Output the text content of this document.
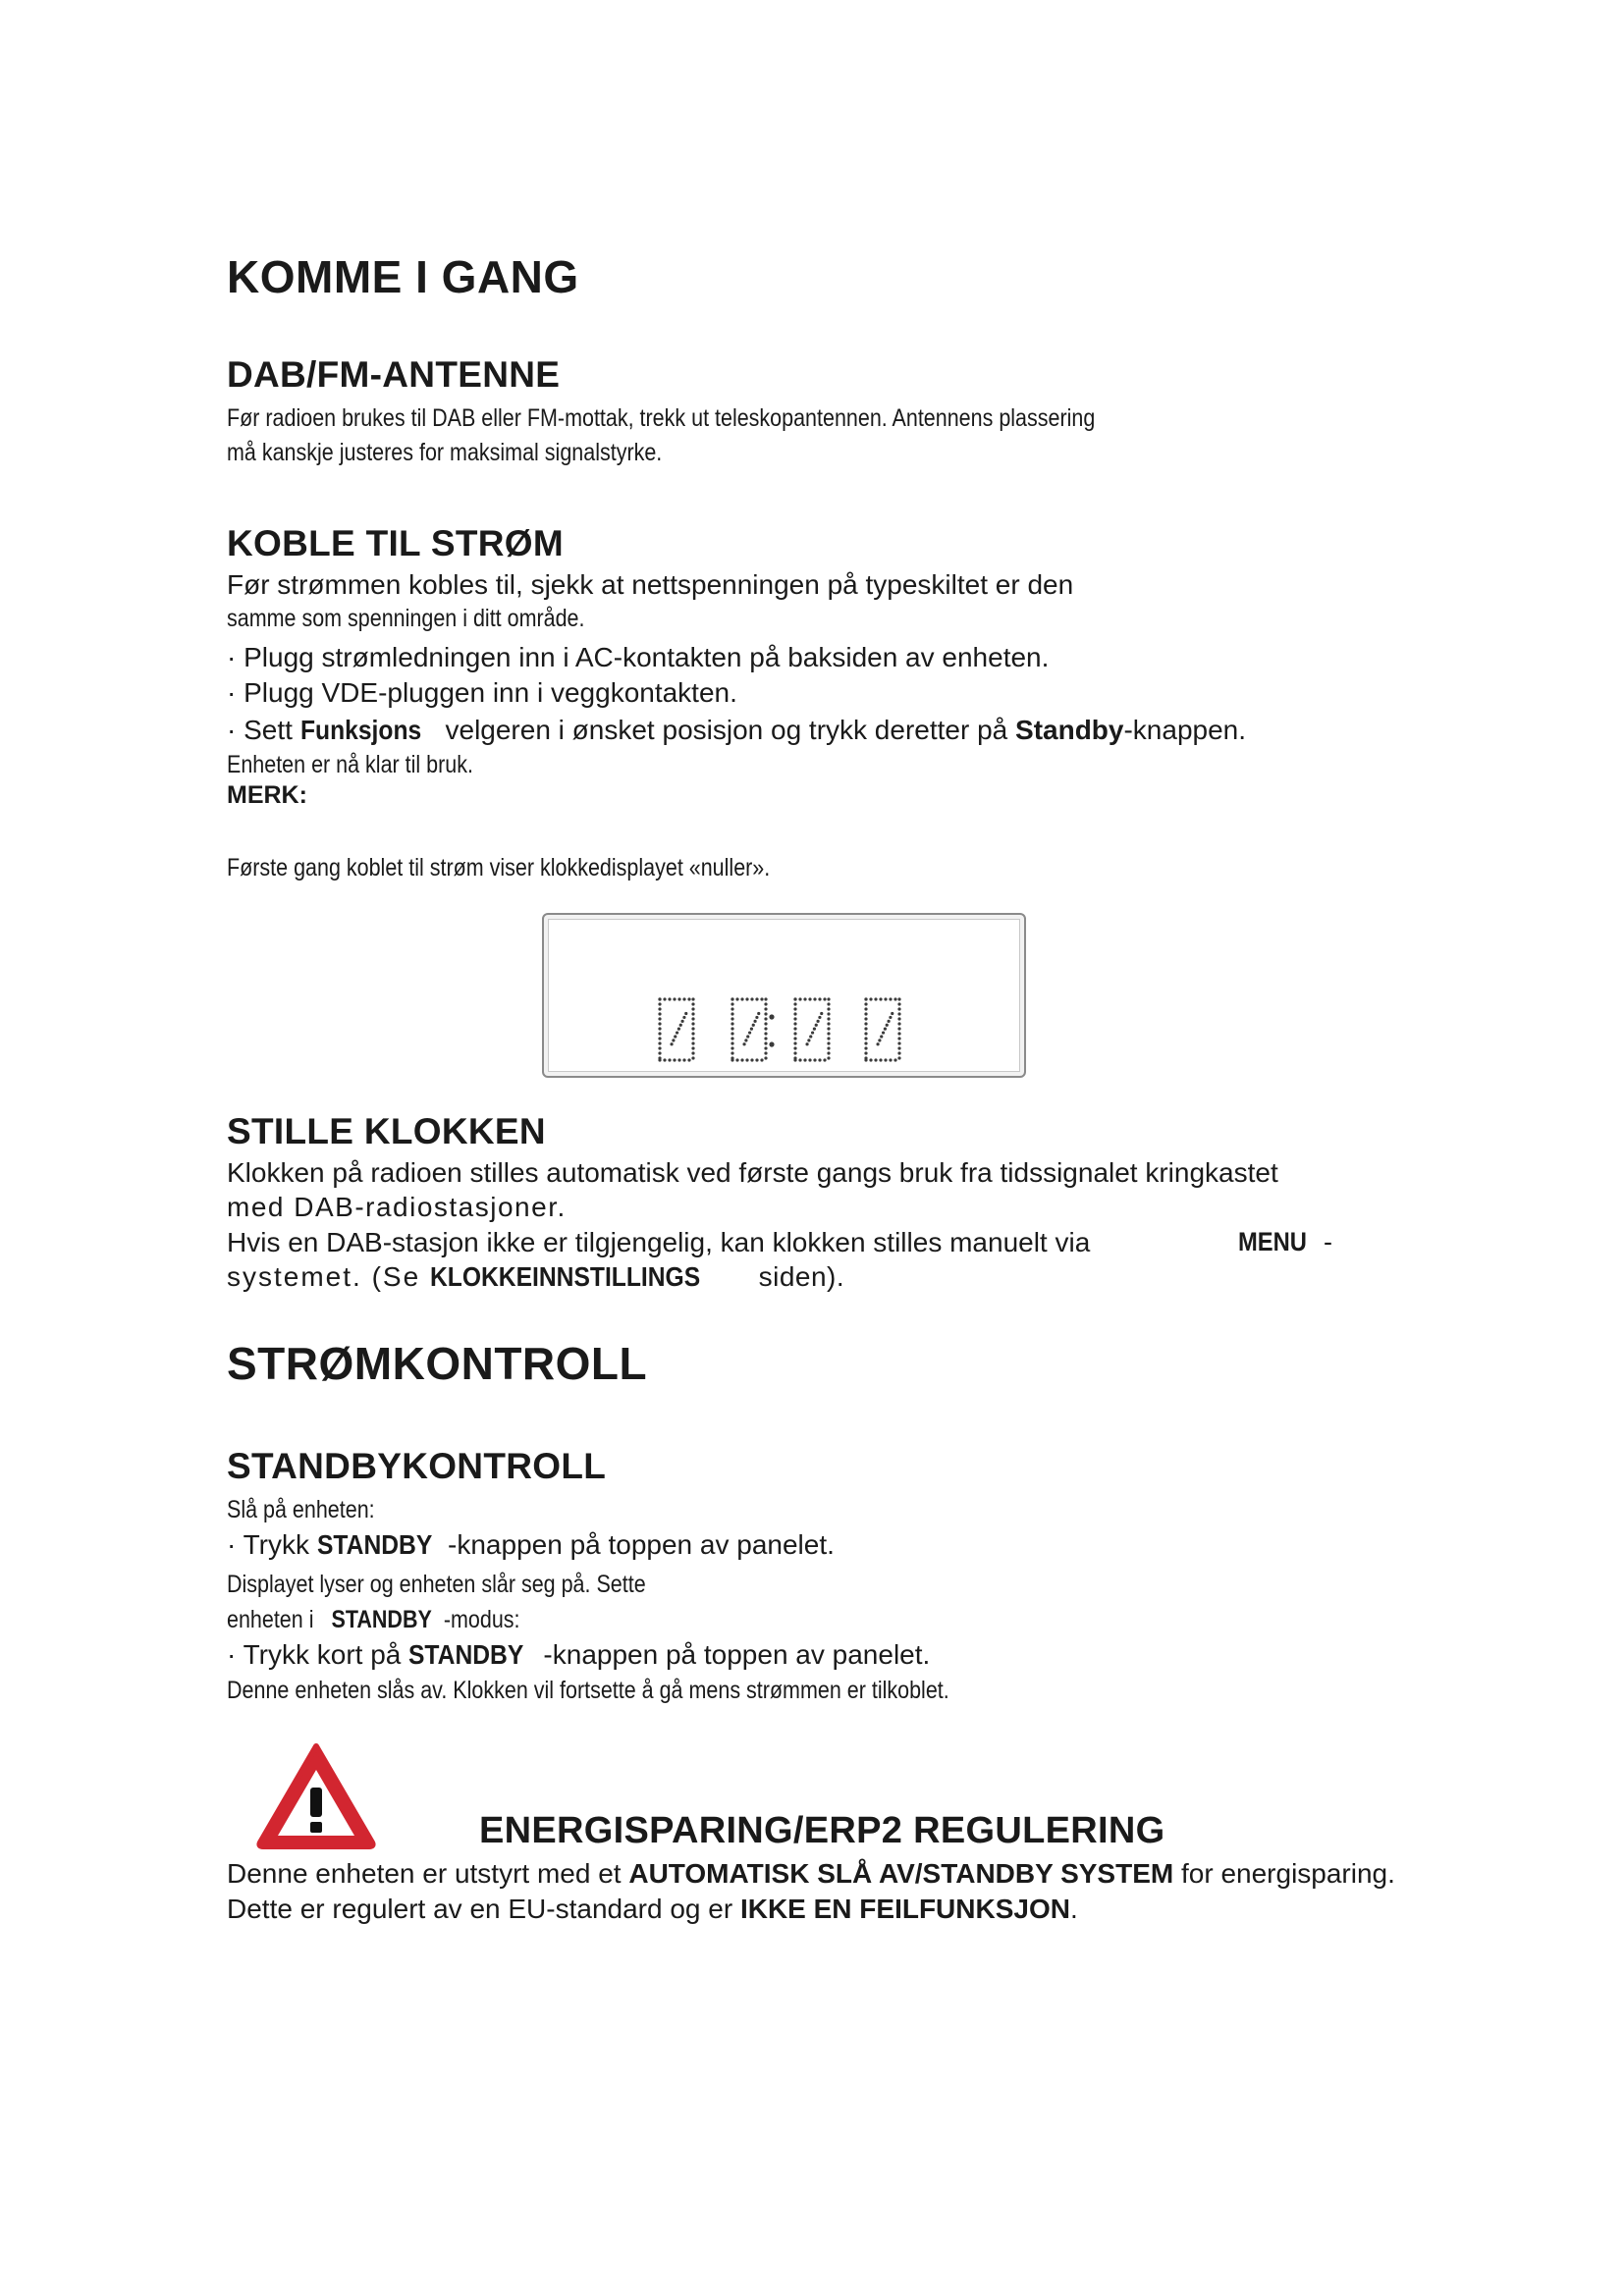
KOMME I GANG
DAB/FM-ANTENNE
Før radioen brukes til DAB eller FM-mottak, trekk ut teleskopantennen. Antennens plassering
må kanskje justeres for maksimal signalstyrke.
KOBLE TIL STRØM
Før strømmen kobles til, sjekk at nettspenningen på typeskiltet er den
samme som spenningen i ditt område.
· Plugg strømledningen inn i AC-kontakten på baksiden av enheten.
· Plugg VDE-pluggen inn i veggkontakten.
· Sett Funksjons velgeren i ønsket posisjon og trykk deretter på Standby-knappen.
Enheten er nå klar til bruk.
MERK:
Første gang koblet til strøm viser klokkedisplayet «nuller».
STILLE KLOKKEN
Klokken på radioen stilles automatisk ved første gangs bruk fra tidssignalet kringkastet
med DAB-radiostasjoner.
Hvis en DAB-stasjon ikke er tilgjengelig, kan klokken stilles manuelt via	MENU -
systemet. (Se KLOKKEINNSTILLINGS siden).
STRØMKONTROLL
STANDBYKONTROLL
Slå på enheten:
· Trykk STANDBY -knappen på toppen av panelet.
Displayet lyser og enheten slår seg på. Sette
enheten i STANDBY -modus:
· Trykk kort på STANDBY -knappen på toppen av panelet.
Denne enheten slås av. Klokken vil fortsette å gå mens strømmen er tilkoblet.
ENERGISPARING/ERP2 REGULERING
Denne enheten er utstyrt med et AUTOMATISK SLÅ AV/STANDBY SYSTEM for energisparing.
Dette er regulert av en EU-standard og er IKKE EN FEILFUNKSJON.
